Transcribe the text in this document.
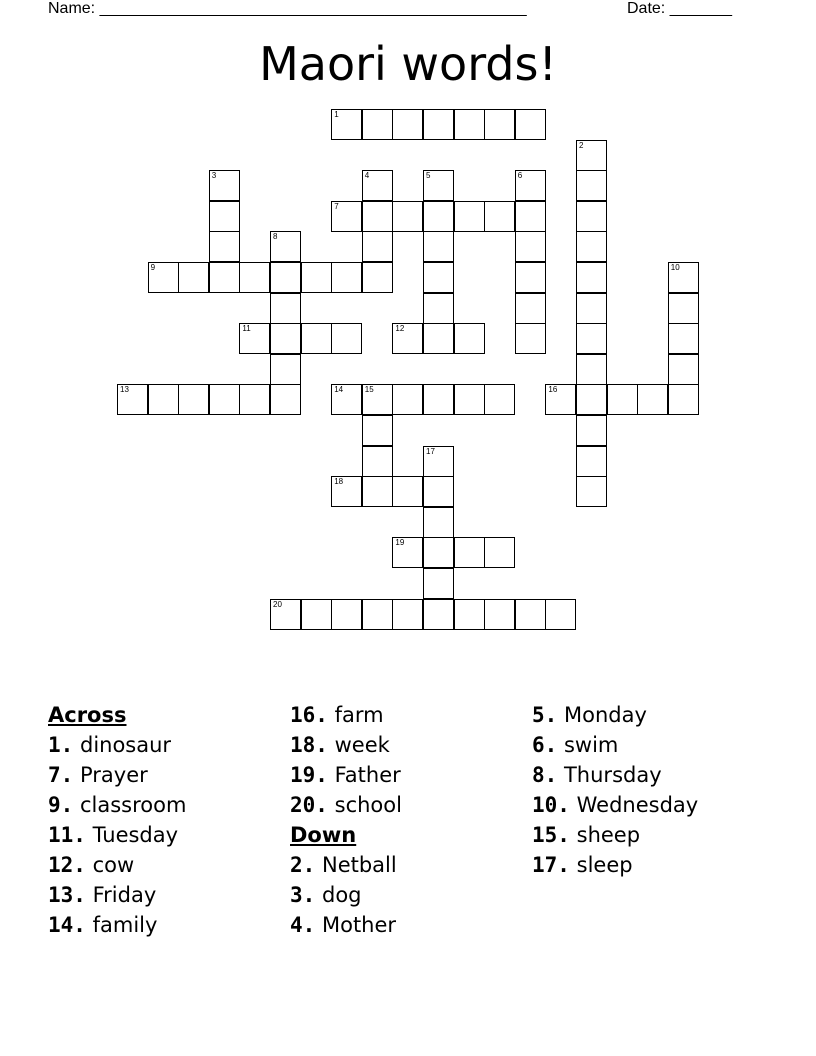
Name: ________________________________________________	Date: _______
Maori words!
1
7
9
11	12
13	14	15	16
18
19
20
2
3	4	5	6
8
10
17
Across
1. dinosaur
7. Prayer
9. classroom
11. Tuesday
12. cow
13. Friday
14. family
16. farm
18. week
19. Father
20. school
Down
2. Netball
3. dog
4. Mother
5. Monday
6. swim
8. Thursday
10. Wednesday
15. sheep
17. sleep
